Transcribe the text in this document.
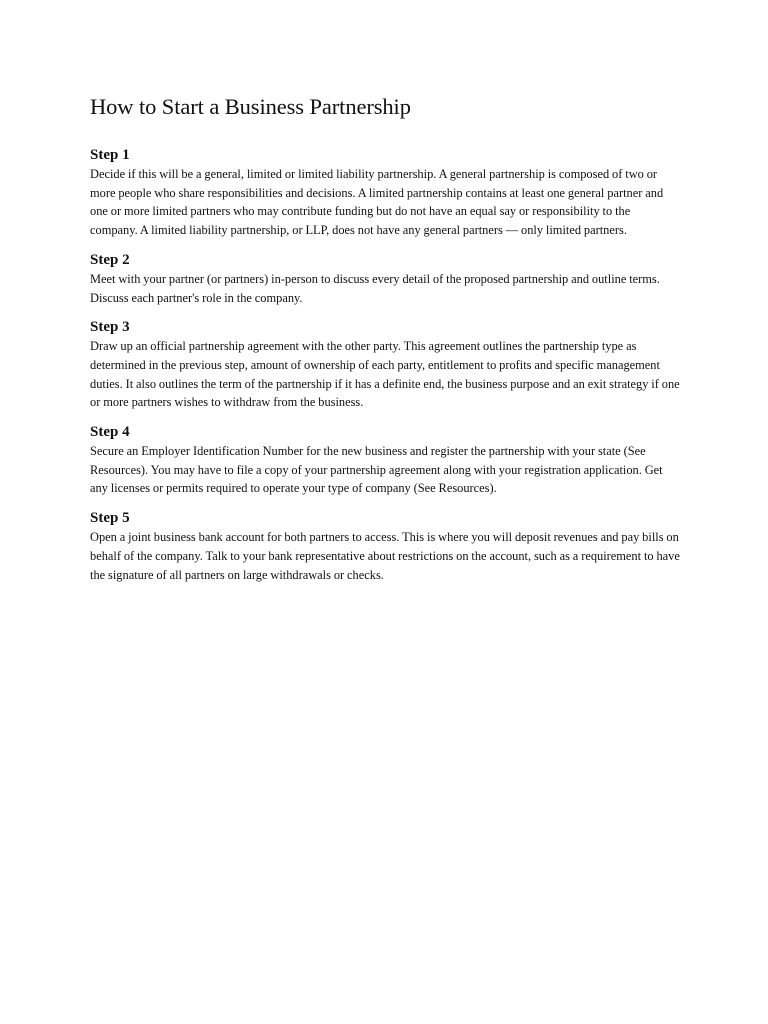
How to Start a Business Partnership
Step 1

Decide if this will be a general, limited or limited liability partnership. A general partnership is composed of two or more people who share responsibilities and decisions. A limited partnership contains at least one general partner and one or more limited partners who may contribute funding but do not have an equal say or responsibility to the company. A limited liability partnership, or LLP, does not have any general partners — only limited partners.

Step 2

Meet with your partner (or partners) in-person to discuss every detail of the proposed partnership and outline terms. Discuss each partner's role in the company.

Step 3

Draw up an official partnership agreement with the other party. This agreement outlines the partnership type as determined in the previous step, amount of ownership of each party, entitlement to profits and specific management duties. It also outlines the term of the partnership if it has a definite end, the business purpose and an exit strategy if one or more partners wishes to withdraw from the business.

Step 4

Secure an Employer Identification Number for the new business and register the partnership with your state (See Resources). You may have to file a copy of your partnership agreement along with your registration application. Get any licenses or permits required to operate your type of company (See Resources).

Step 5

Open a joint business bank account for both partners to access. This is where you will deposit revenues and pay bills on behalf of the company. Talk to your bank representative about restrictions on the account, such as a requirement to have the signature of all partners on large withdrawals or checks.
